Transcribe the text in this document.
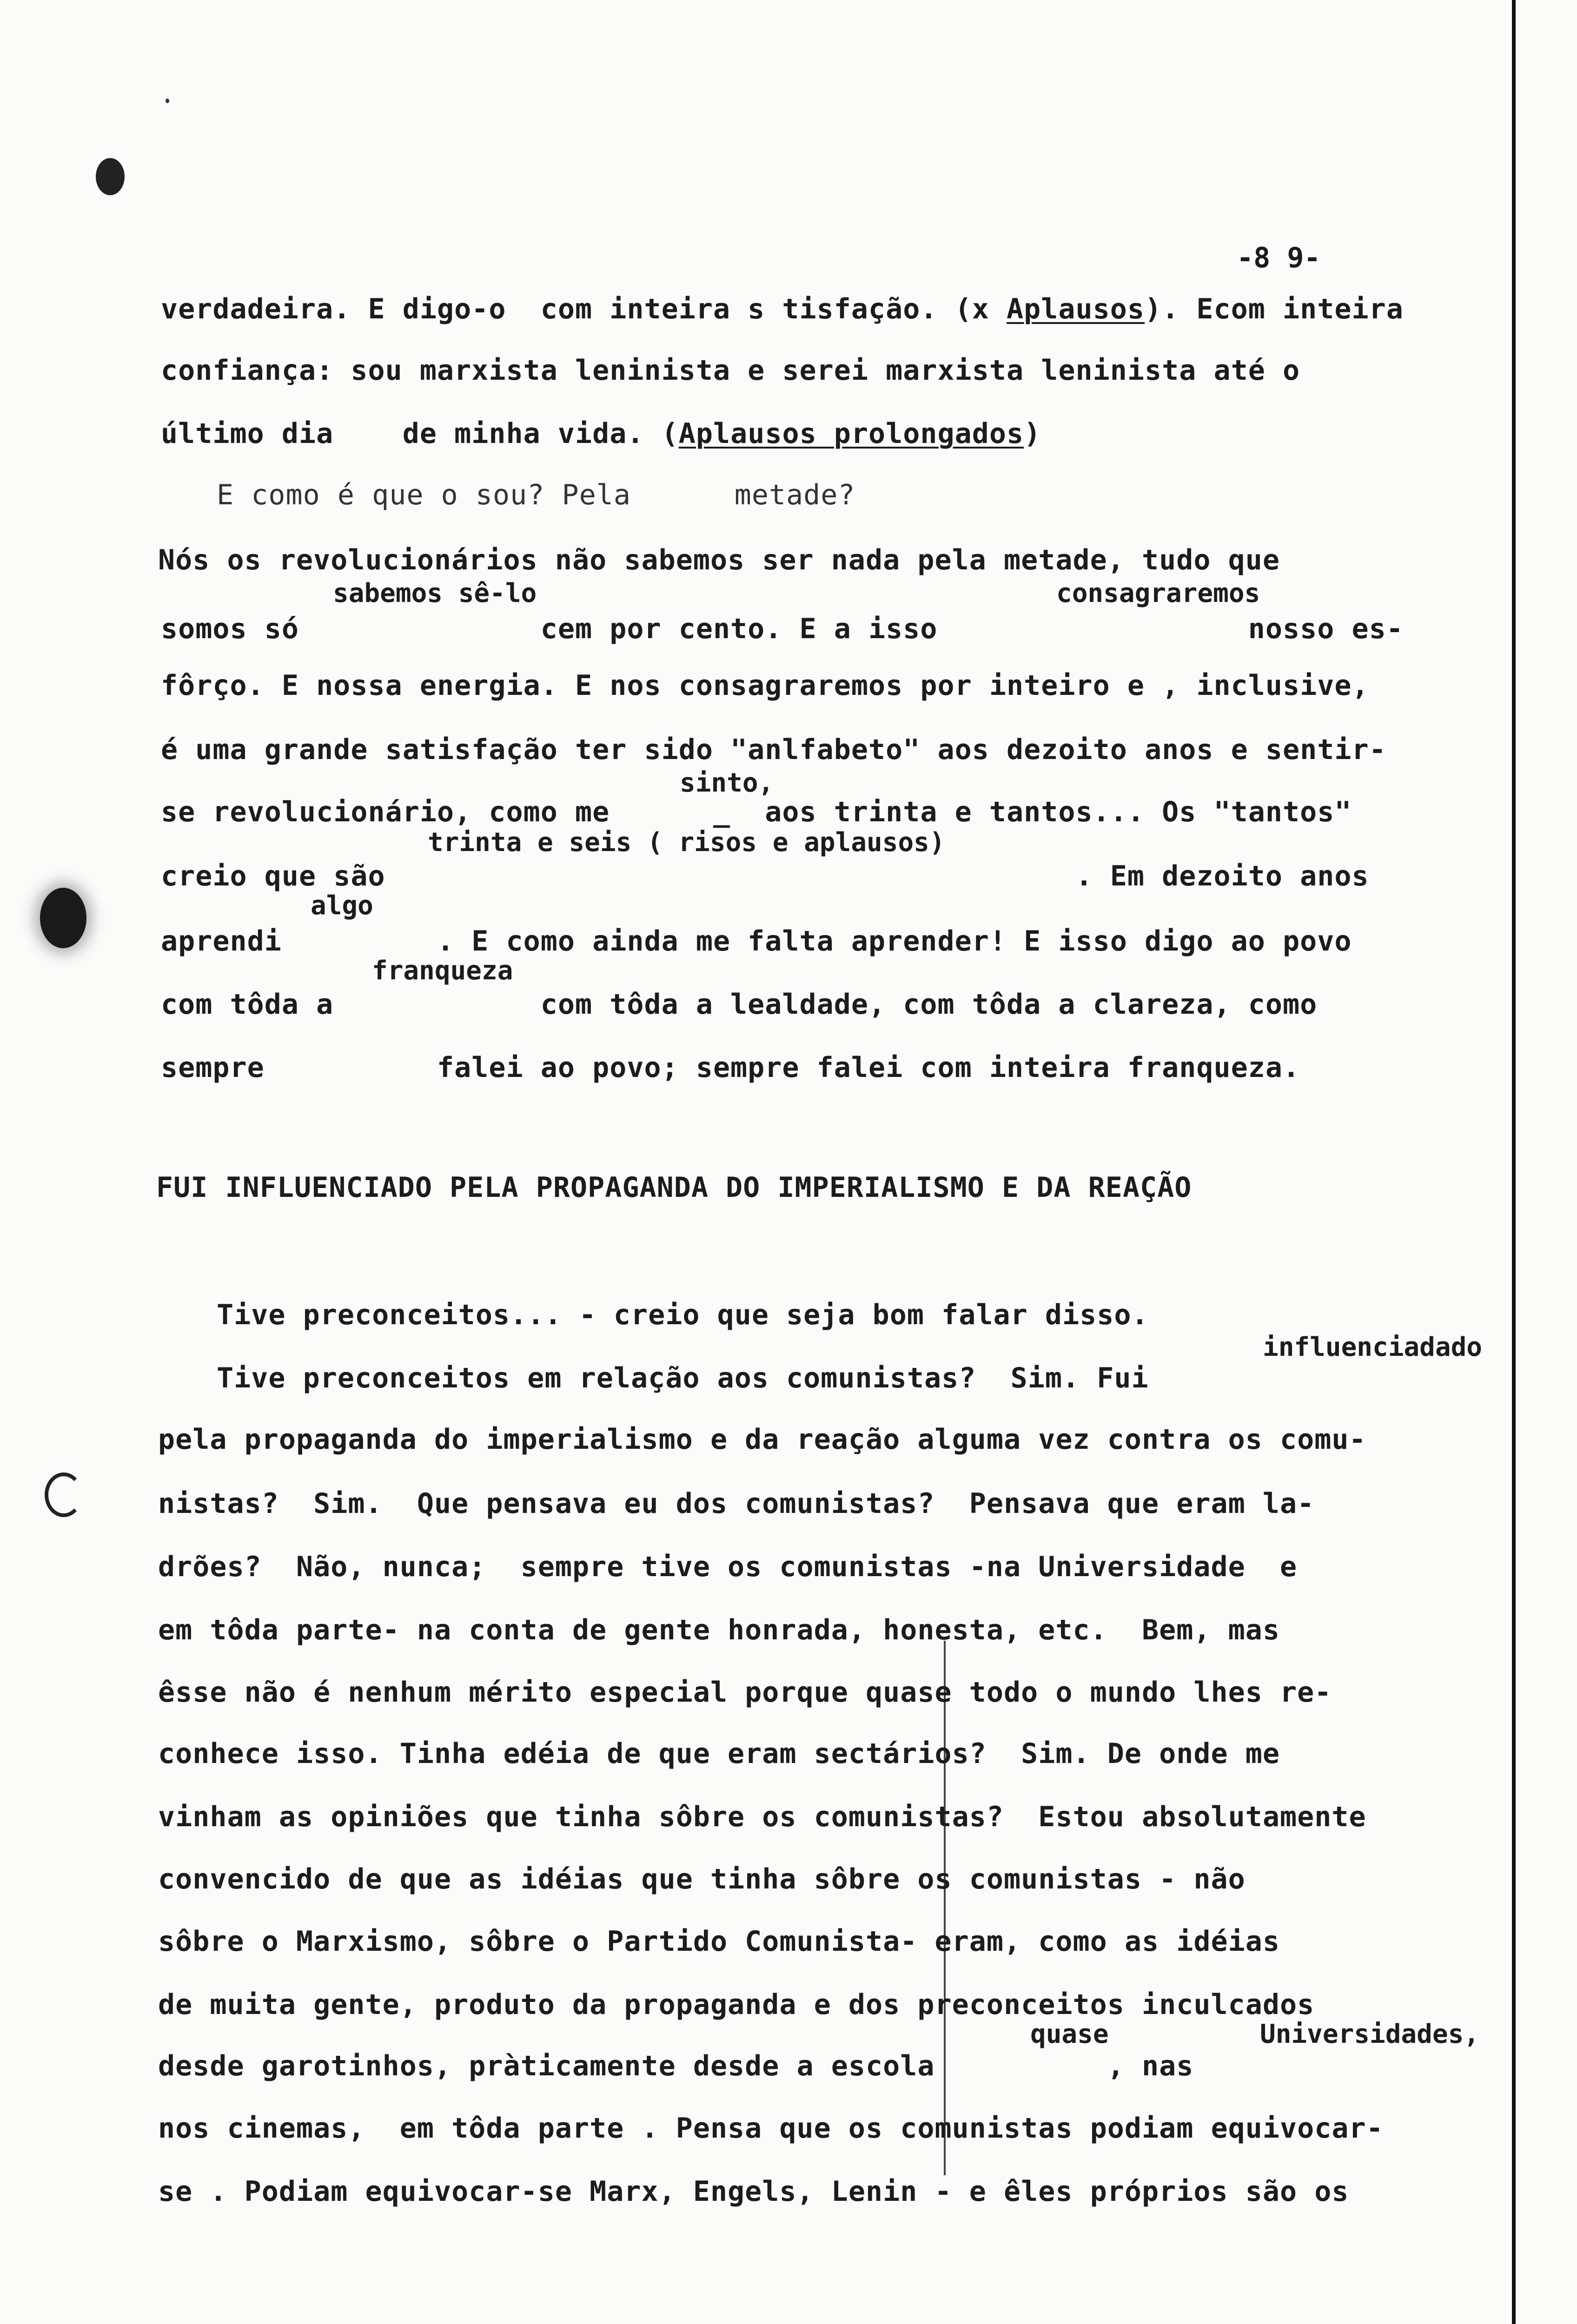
-8 9-
verdadeira. E digo-o  com inteira s tisfação. (x Aplausos). Ecom inteira
confiança: sou marxista leninista e serei marxista leninista até o
último dia    de minha vida. (Aplausos prolongados)
E como é que o sou? Pela      metade?
Nós os revolucionários não sabemos ser nada pela metade, tudo que
sabemos sê-lo	consagraremos
somos só              cem por cento. E a isso                  nosso es-
fôrço. E nossa energia. E nos consagraremos por inteiro e , inclusive,
é uma grande satisfação ter sido "anlfabeto" aos dezoito anos e sentir-
sinto,
se revolucionário, como me      _  aos trinta e tantos... Os "tantos"
trinta e seis ( risos e aplausos)
creio que são                                        . Em dezoito anos
algo
aprendi         . E como ainda me falta aprender! E isso digo ao povo
franqueza
com tôda a            com tôda a lealdade, com tôda a clareza, como
sempre          falei ao povo; sempre falei com inteira franqueza.
FUI INFLUENCIADO PELA PROPAGANDA DO IMPERIALISMO E DA REAÇÃO
Tive preconceitos... - creio que seja bom falar disso.
influenciadado
Tive preconceitos em relação aos comunistas?  Sim. Fui
pela propaganda do imperialismo e da reação alguma vez contra os comu-
nistas?  Sim.  Que pensava eu dos comunistas?  Pensava que eram la-
drões?  Não, nunca;  sempre tive os comunistas -na Universidade  e
em tôda parte- na conta de gente honrada, honesta, etc.  Bem, mas
êsse não é nenhum mérito especial porque quase todo o mundo lhes re-
conhece isso. Tinha edéia de que eram sectários?  Sim. De onde me
vinham as opiniões que tinha sôbre os comunistas?  Estou absolutamente
convencido de que as idéias que tinha sôbre os comunistas - não
sôbre o Marxismo, sôbre o Partido Comunista- eram, como as idéias
de muita gente, produto da propaganda e dos preconceitos inculcados
quase	Universidades,
desde garotinhos, pràticamente desde a escola          , nas
nos cinemas,  em tôda parte . Pensa que os comunistas podiam equivocar-
se . Podiam equivocar-se Marx, Engels, Lenin - e êles próprios são os
